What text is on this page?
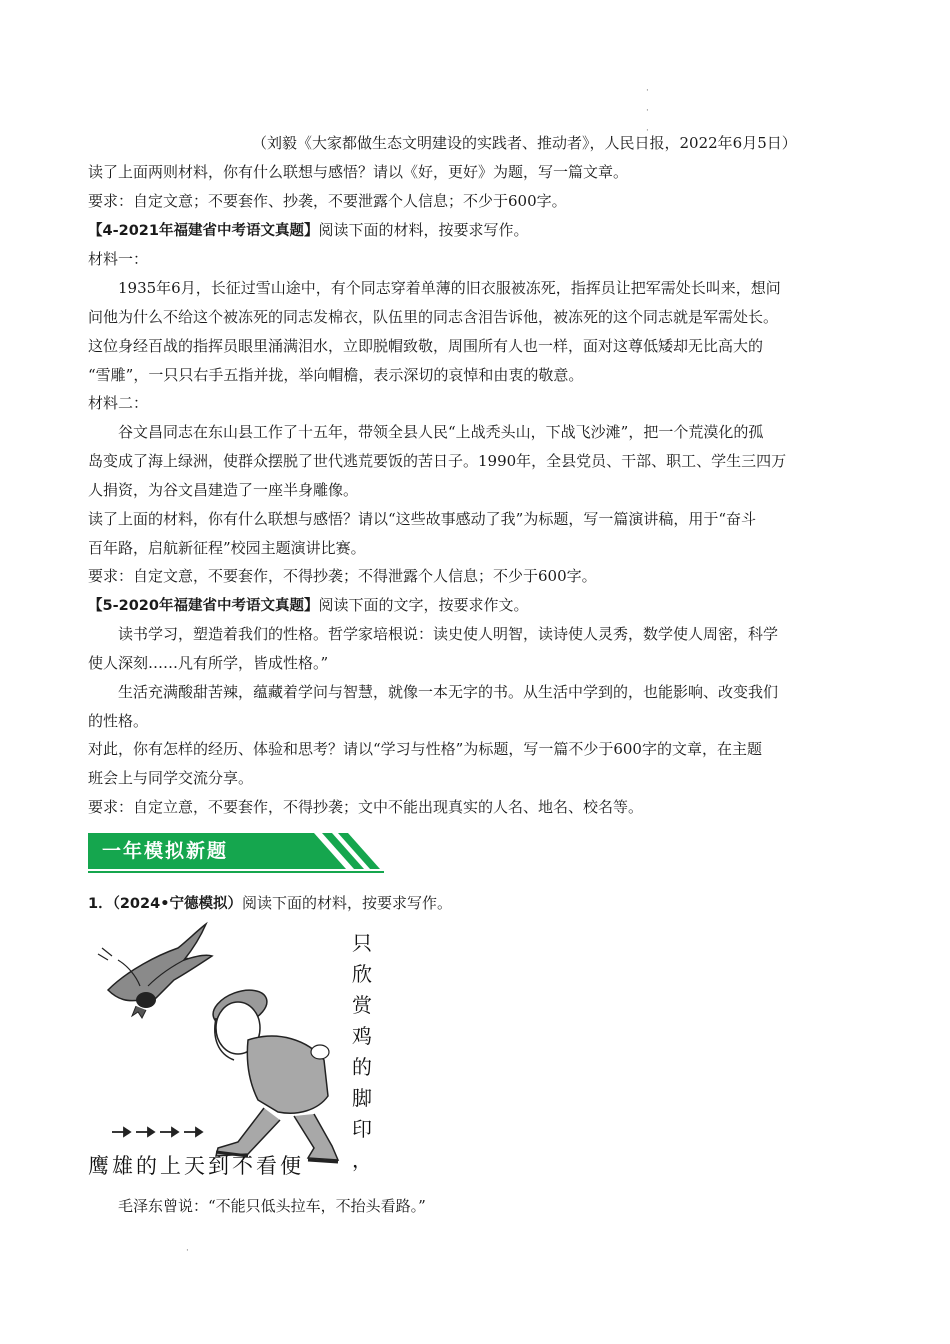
·

·

·
（刘毅《大家都做生态文明建设的实践者、推动者》，人民日报，2022年6月5日）
读了上面两则材料，你有什么联想与感悟？请以《好，更好》为题，写一篇文章。
要求：自定文意；不要套作、抄袭，不要泄露个人信息；不少于600字。
【4-2021年福建省中考语文真题】阅读下面的材料，按要求写作。
材料一：
1935年6月，长征过雪山途中，有个同志穿着单薄的旧衣服被冻死，指挥员让把军需处长叫来，想问
问他为什么不给这个被冻死的同志发棉衣，队伍里的同志含泪告诉他，被冻死的这个同志就是军需处长。
这位身经百战的指挥员眼里涌满泪水，立即脱帽致敬，周围所有人也一样，面对这尊低矮却无比高大的
“雪雕”，一只只右手五指并拢，举向帽檐，表示深切的哀悼和由衷的敬意。
材料二：
谷文昌同志在东山县工作了十五年，带领全县人民“上战秃头山，下战飞沙滩”，把一个荒漠化的孤
岛变成了海上绿洲，使群众摆脱了世代逃荒要饭的苦日子。1990年，全县党员、干部、职工、学生三四万
人捐资，为谷文昌建造了一座半身雕像。
读了上面的材料，你有什么联想与感悟？请以“这些故事感动了我”为标题，写一篇演讲稿，用于“奋斗
百年路，启航新征程”校园主题演讲比赛。
要求：自定文意，不要套作，不得抄袭；不得泄露个人信息；不少于600字。
【5-2020年福建省中考语文真题】阅读下面的文字，按要求作文。
读书学习，塑造着我们的性格。哲学家培根说：读史使人明智，读诗使人灵秀，数学使人周密，科学
使人深刻……凡有所学，皆成性格。”
生活充满酸甜苦辣，蕴藏着学问与智慧，就像一本无字的书。从生活中学到的，也能影响、改变我们
的性格。
对此，你有怎样的经历、体验和思考？请以“学习与性格”为标题，写一篇不少于600字的文章，在主题
班会上与同学交流分享。
要求：自定立意，不要套作，不得抄袭；文中不能出现真实的人名、地名、校名等。
一年模拟新题
1．（2024•宁德模拟）阅读下面的材料，按要求写作。
只
欣
赏
鸡
的
脚
印
，
鹰雄的上天到不看便
毛泽东曾说：“不能只低头拉车，不抬头看路。”
·
